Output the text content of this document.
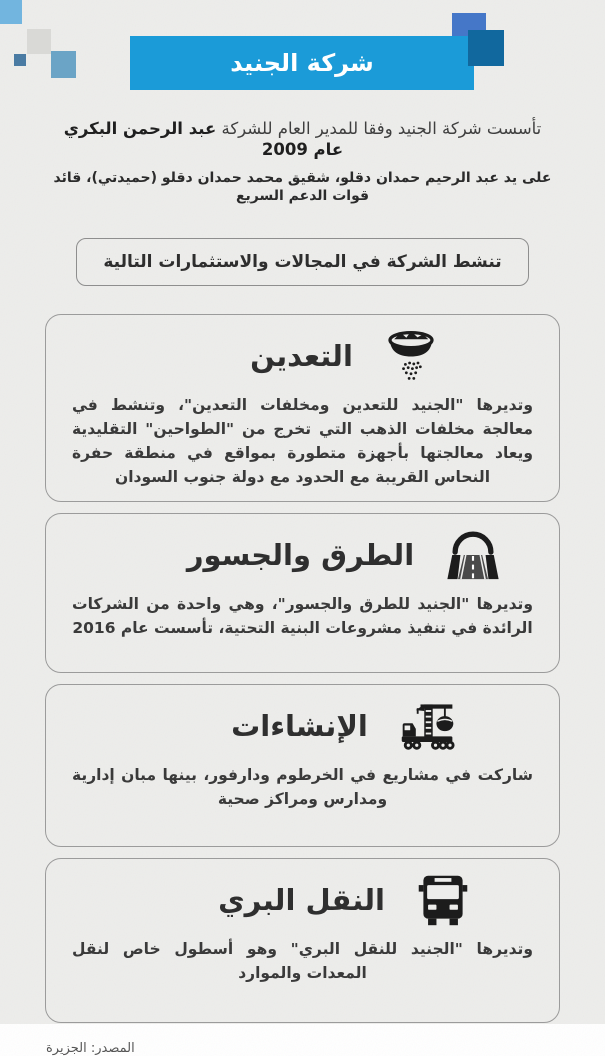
شركة الجنيد
تأسست شركة الجنيد وفقا للمدير العام للشركة عبد الرحمن البكري عام 2009
على يد عبد الرحيم حمدان دقلو، شقيق محمد حمدان دقلو (حميدتي)، قائد قوات الدعم السريع
تنشط الشركة في المجالات والاستثمارات التالية
التعدين
وتديرها "الجنيد للتعدين ومخلفات التعدين"، وتنشط في معالجة مخلفات الذهب التي تخرج من "الطواحين" التقليدية ويعاد معالجتها بأجهزة متطورة بمواقع في منطقة حفرة النحاس القريبة مع الحدود مع دولة جنوب السودان
الطرق والجسور
وتديرها "الجنيد للطرق والجسور"، وهي واحدة من الشركات الرائدة في تنفيذ مشروعات البنية التحتية، تأسست عام 2016
الإنشاءات
شاركت في مشاريع في الخرطوم ودارفور، بينها مبان إدارية ومدارس ومراكز صحية
النقل البري
وتديرها "الجنيد للنقل البري" وهو أسطول خاص لنقل المعدات والموارد
المصدر: الجزيرة
